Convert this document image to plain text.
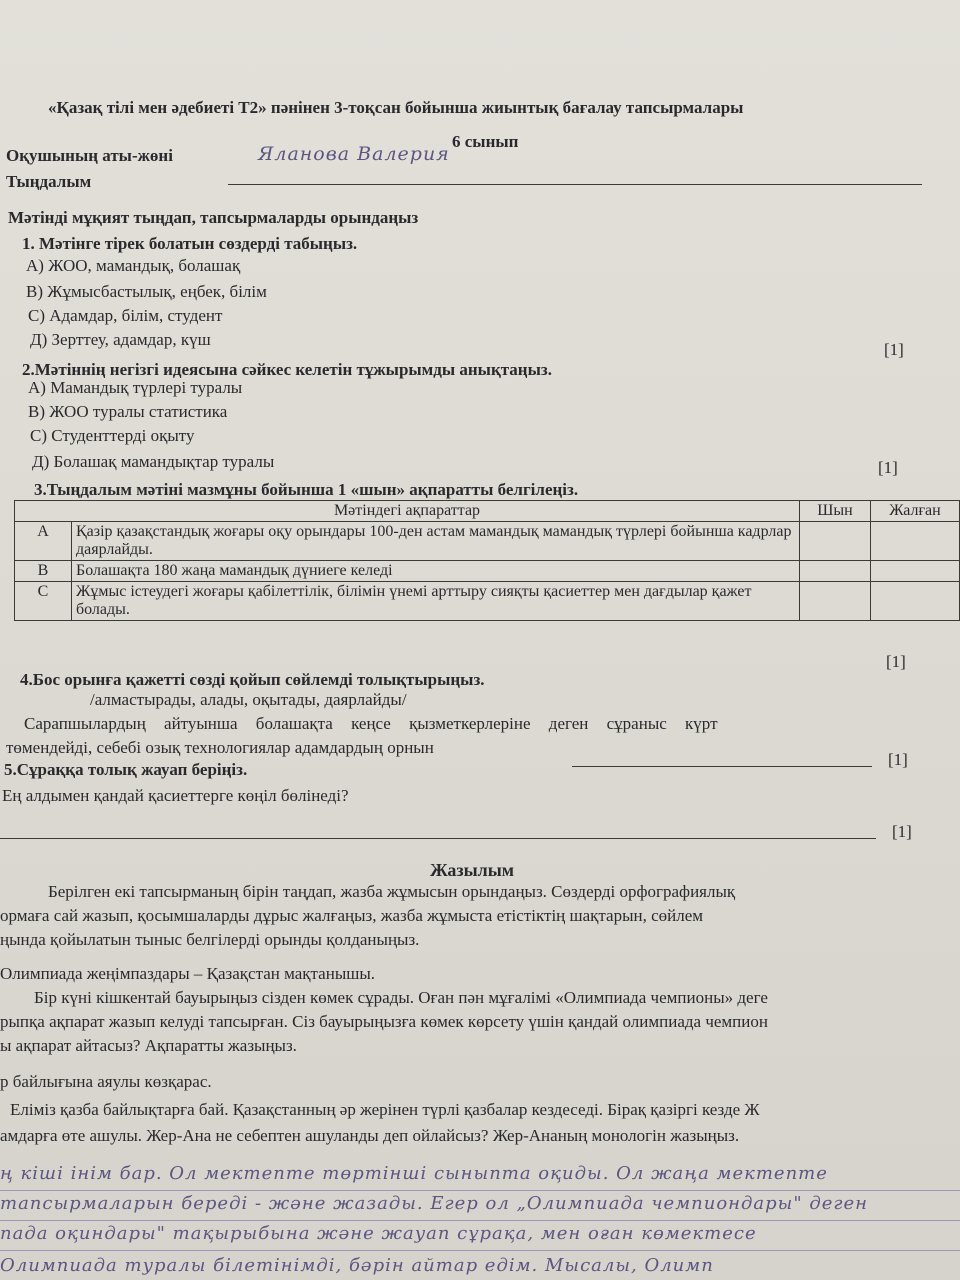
«Қазақ тілі мен әдебиеті Т2» пәнінен 3-тоқсан бойынша жиынтық бағалау тапсырмалары
6 сынып
Оқушының аты-жөні	Яланова Валерия
Тыңдалым
Мәтінді мұқият тыңдап, тапсырмаларды орындаңыз
1. Мәтінге тірек болатын сөздерді табыңыз.
А) ЖОО, мамандық, болашақ
В) Жұмысбастылық, еңбек, білім
С) Адамдар, білім, студент
Д) Зерттеу, адамдар, күш
[1]
2.Мәтіннің негізгі идеясына сәйкес келетін тұжырымды анықтаңыз.
А) Мамандық түрлері туралы
В) ЖОО туралы статистика
С) Студенттерді оқыту
Д) Болашақ мамандықтар туралы	[1]
3.Тыңдалым мәтіні мазмұны бойынша 1 «шын» ақпаратты белгілеңіз.
Мәтіндегі ақпараттар		Шын	Жалған
А	Қазір қазақстандық жоғары оқу орындары 100-ден астам мамандық мамандық түрлері бойынша кадрлар даярлайды.		
В	Болашақта 180 жаңа мамандық дүниеге келеді		
С	Жұмыс істеудегі жоғары қабілеттілік, білімін үнемі арттыру сияқты қасиеттер мен дағдылар қажет болады.		
[1]
4.Бос орынға қажетті сөзді қойып сөйлемді толықтырыңыз.
/алмастырады, алады, оқытады, даярлайды/
Сарапшылардың айтуынша болашақта кеңсе қызметкерлеріне деген сұраныс күрт
төмендейді, себебі озық технологиялар адамдардың орнын
[1]
5.Сұраққа толық жауап беріңіз.
Ең алдымен қандай қасиеттерге көңіл бөлінеді?
[1]
Жазылым
Берілген екі тапсырманың бірін таңдап, жазба жұмысын орындаңыз. Сөздерді орфографиялық
ормаға сай жазып, қосымшаларды дұрыс жалғаңыз, жазба жұмыста етістіктің шақтарын, сөйлем
ңында қойылатын тыныс белгілерді орынды қолданыңыз.
Олимпиада жеңімпаздары – Қазақстан мақтанышы.
Бір күні кішкентай бауырыңыз сізден көмек сұрады. Оған пән мұғалімі «Олимпиада чемпионы» деге
рыпқа ақпарат жазып келуді тапсырған. Сіз бауырыңызға көмек көрсету үшін қандай олимпиада чемпион
ы ақпарат айтасыз? Ақпаратты жазыңыз.
р байлығына аяулы көзқарас.
Еліміз қазба байлықтарға бай. Қазақстанның әр жерінен түрлі қазбалар кездеседі. Бірақ қазіргі кезде Ж
амдарға өте ашулы. Жер-Ана не себептен ашуланды деп ойлайсыз? Жер-Ананың монологін жазыңыз.
ң кіші інім бар. Ол мектепте төртінші сыныпта оқиды. Ол жаңа мектепте
тапсырмаларын береді - және жазады. Егер ол „Олимпиада чемпиондары" деген
пада оқиндары" тақырыбына және жауап сұрақа, мен оған көмектесе
Олимпиада туралы білетінімді, бәрін айтар едім. Мысалы, Олимп
